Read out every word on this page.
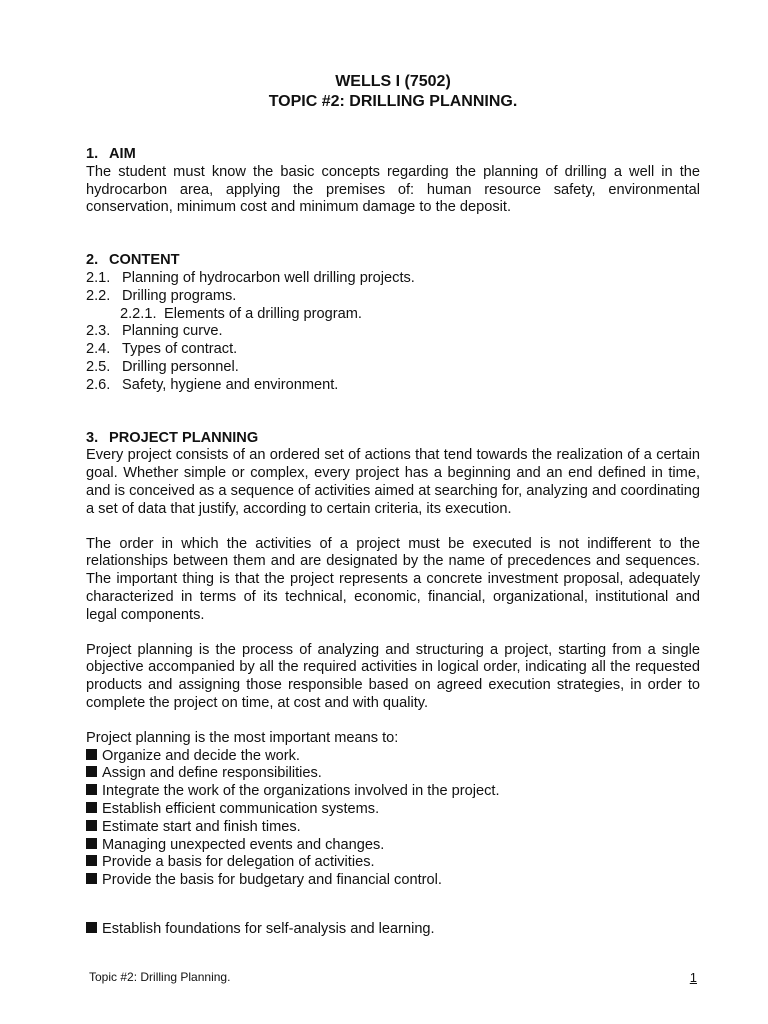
WELLS I (7502)
TOPIC #2: DRILLING PLANNING.
1. AIM

The student must know the basic concepts regarding the planning of drilling a well in the hydrocarbon area, applying the premises of: human resource safety, environmental conservation, minimum cost and minimum damage to the deposit.

2. CONTENT
2.1. Planning of hydrocarbon well drilling projects.
2.2. Drilling programs.
2.2.1. Elements of a drilling program.
2.3. Planning curve.
2.4. Types of contract.
2.5. Drilling personnel.
2.6. Safety, hygiene and environment.
3. PROJECT PLANNING

Every project consists of an ordered set of actions that tend towards the realization of a certain goal. Whether simple or complex, every project has a beginning and an end defined in time, and is conceived as a sequence of activities aimed at searching for, analyzing and coordinating a set of data that justify, according to certain criteria, its execution.

The order in which the activities of a project must be executed is not indifferent to the relationships between them and are designated by the name of precedences and sequences. The important thing is that the project represents a concrete investment proposal, adequately characterized in terms of its technical, economic, financial, organizational, institutional and legal components.

Project planning is the process of analyzing and structuring a project, starting from a single objective accompanied by all the required activities in logical order, indicating all the requested products and assigning those responsible based on agreed execution strategies, in order to complete the project on time, at cost and with quality.

Project planning is the most important means to:

Organize and decide the work.
Assign and define responsibilities.
Integrate the work of the organizations involved in the project.
Establish efficient communication systems.
Estimate start and finish times.
Managing unexpected events and changes.
Provide a basis for delegation of activities.
Provide the basis for budgetary and financial control.
Establish foundations for self-analysis and learning.
Topic #2: Drilling Planning.	1
